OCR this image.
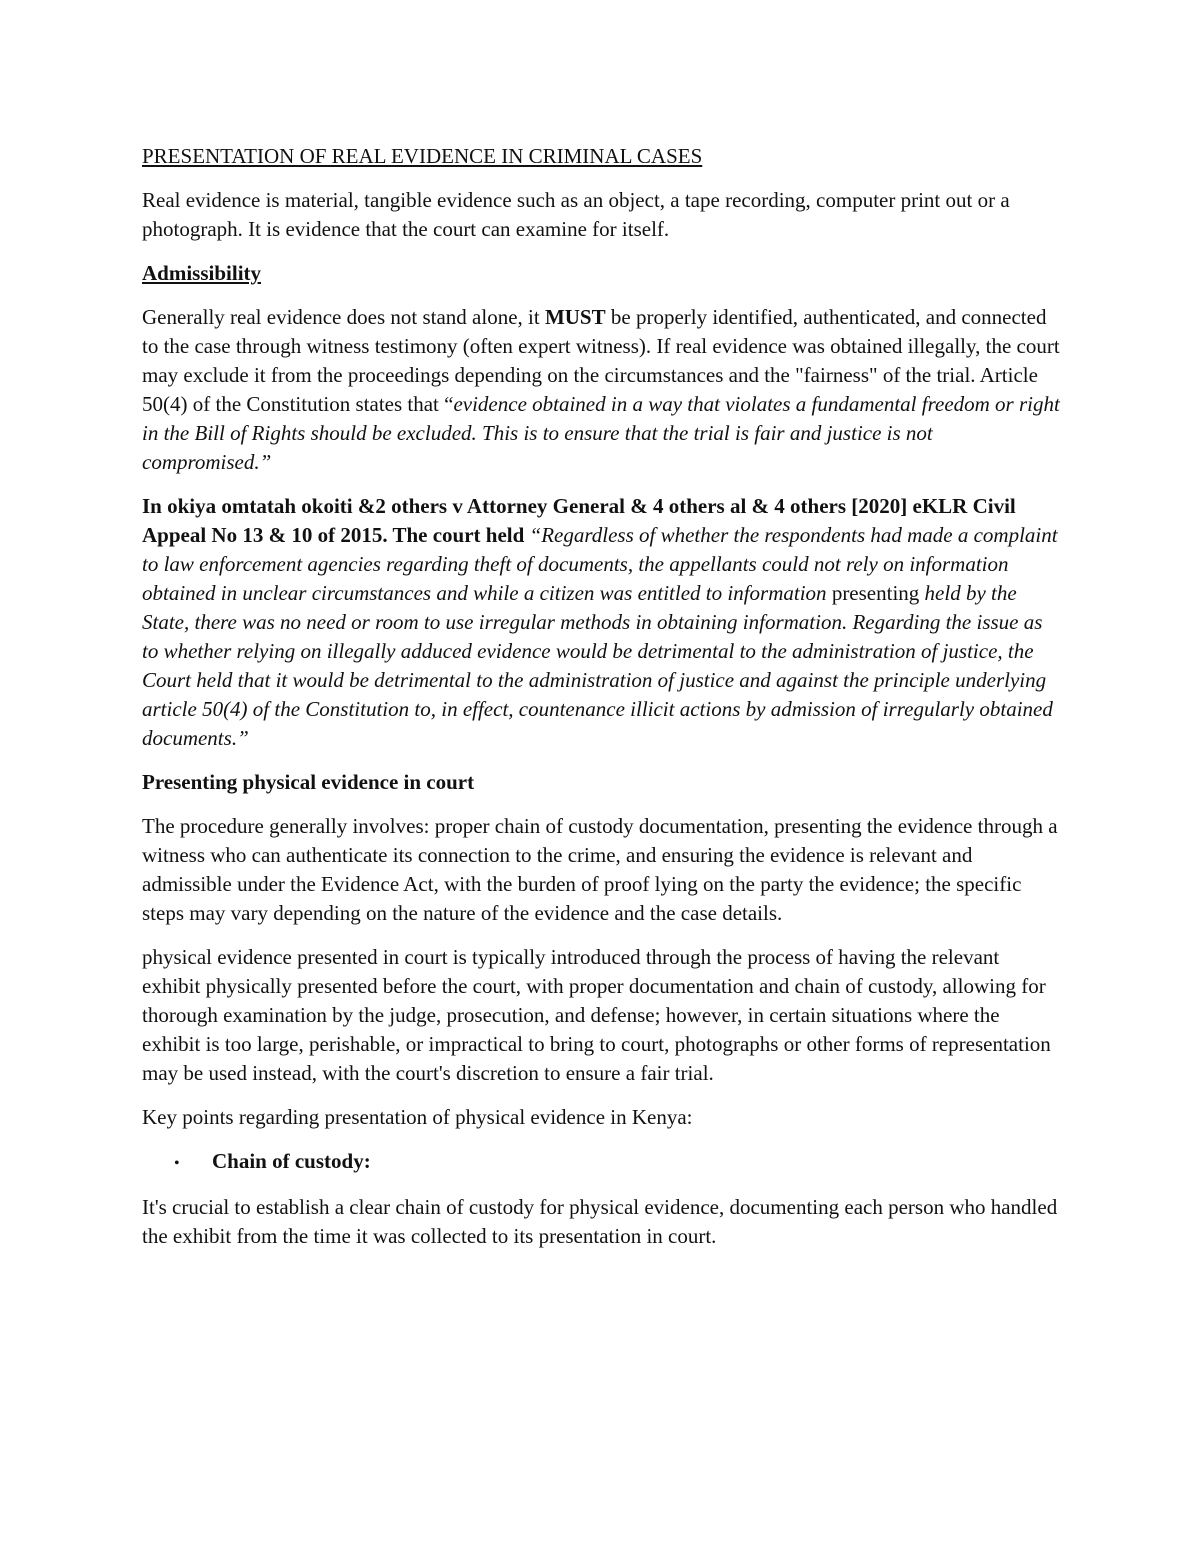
PRESENTATION OF REAL EVIDENCE IN CRIMINAL CASES

Real evidence is material, tangible evidence such as an object, a tape recording, computer print out or a photograph. It is evidence that the court can examine for itself.

Admissibility

Generally real evidence does not stand alone, it MUST be properly identified, authenticated, and connected to the case through witness testimony (often expert witness). If real evidence was obtained illegally, the court may exclude it from the proceedings depending on the circumstances and the "fairness" of the trial. Article 50(4) of the Constitution states that “evidence obtained in a way that violates a fundamental freedom or right in the Bill of Rights should be excluded. This is to ensure that the trial is fair and justice is not compromised.”

In okiya omtatah okoiti &2 others v Attorney General & 4 others al & 4 others [2020] eKLR Civil Appeal No 13 & 10 of 2015. The court held “Regardless of whether the respondents had made a complaint to law enforcement agencies regarding theft of documents, the appellants could not rely on information obtained in unclear circumstances and while a citizen was entitled to information presenting held by the State, there was no need or room to use irregular methods in obtaining information. Regarding the issue as to whether relying on illegally adduced evidence would be detrimental to the administration of justice, the Court held that it would be detrimental to the administration of justice and against the principle underlying article 50(4) of the Constitution to, in effect, countenance illicit actions by admission of irregularly obtained documents.”

Presenting physical evidence in court

The procedure generally involves: proper chain of custody documentation, presenting the evidence through a witness who can authenticate its connection to the crime, and ensuring the evidence is relevant and admissible under the Evidence Act, with the burden of proof lying on the party the evidence; the specific steps may vary depending on the nature of the evidence and the case details.

physical evidence presented in court is typically introduced through the process of having the relevant exhibit physically presented before the court, with proper documentation and chain of custody, allowing for thorough examination by the judge, prosecution, and defense; however, in certain situations where the exhibit is too large, perishable, or impractical to bring to court, photographs or other forms of representation may be used instead, with the court's discretion to ensure a fair trial.

Key points regarding presentation of physical evidence in Kenya:

•	Chain of custody:

It's crucial to establish a clear chain of custody for physical evidence, documenting each person who handled the exhibit from the time it was collected to its presentation in court.
